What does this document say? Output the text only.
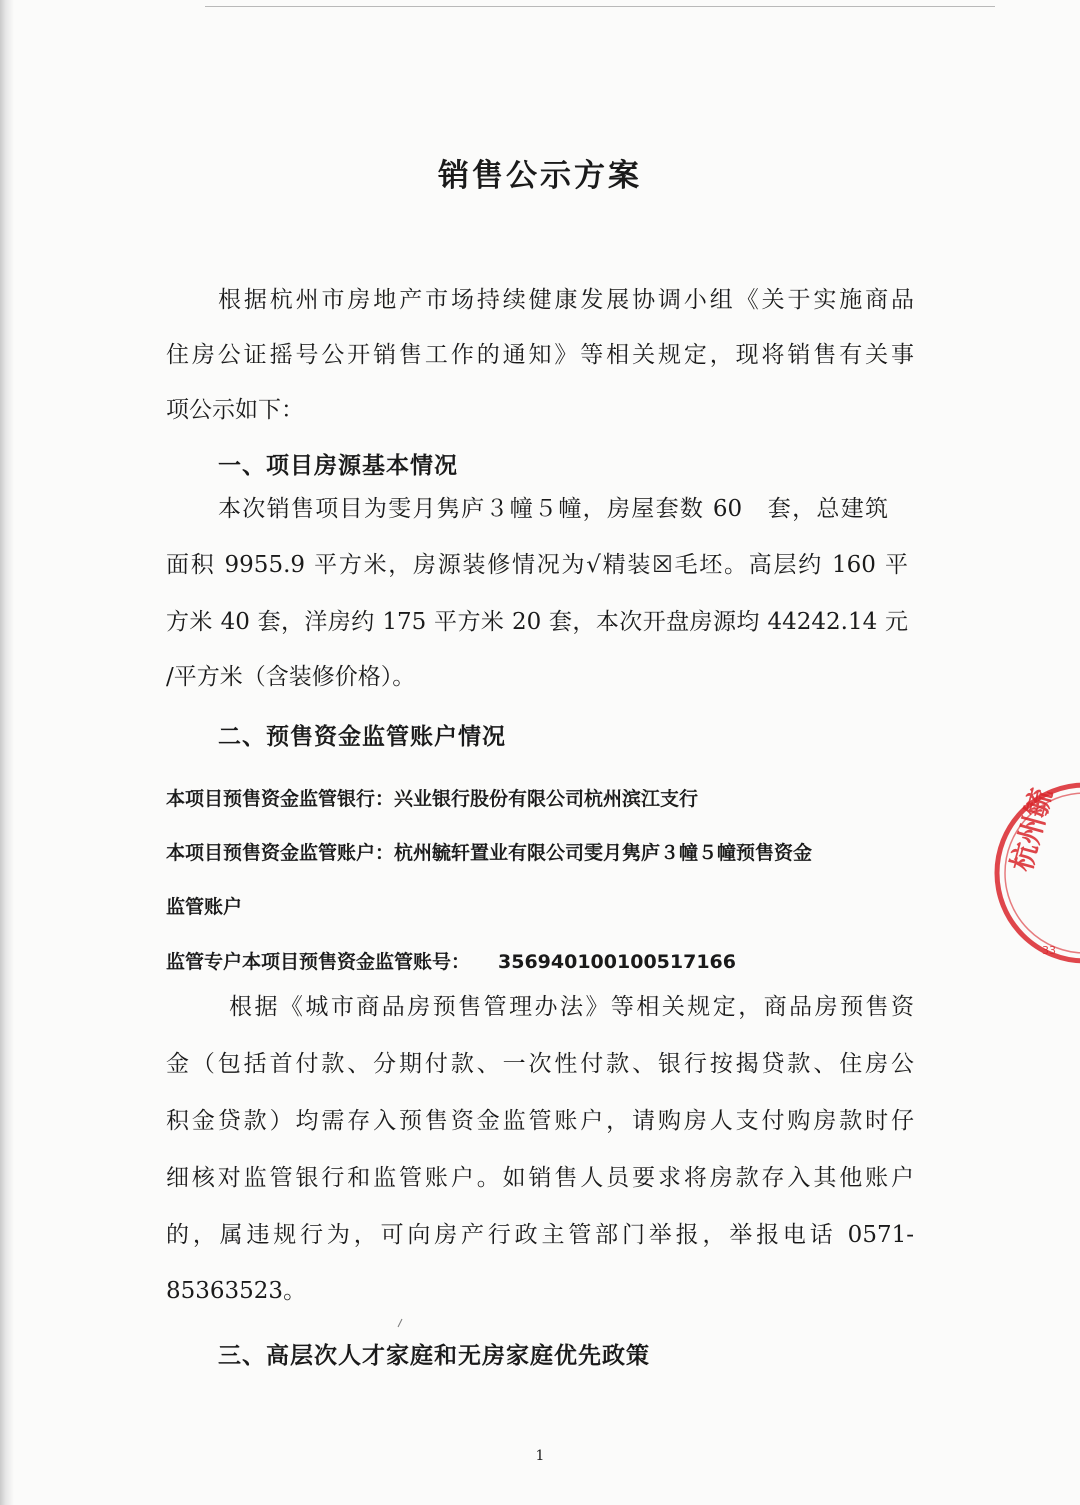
销售公示方案
根据杭州市房地产市场持续健康发展协调小组《关于实施商品
住房公证摇号公开销售工作的通知》等相关规定，现将销售有关事
项公示如下：
一、项目房源基本情况
本次销售项目为雯月隽庐３幢５幢，房屋套数 60　套，总建筑
面积 9955.9 平方米，房源装修情况为√精装☒毛坯。高层约 160 平
方米 40 套，洋房约 175 平方米 20 套，本次开盘房源均 44242.14 元
/平方米（含装修价格）。
二、预售资金监管账户情况
本项目预售资金监管银行：兴业银行股份有限公司杭州滨江支行
本项目预售资金监管账户：杭州毓轩置业有限公司雯月隽庐３幢５幢预售资金
监管账户
监管专户本项目预售资金监管账号： 356940100100517166
根据《城市商品房预售管理办法》等相关规定，商品房预售资
金（包括首付款、分期付款、一次性付款、银行按揭贷款、住房公
积金贷款）均需存入预售资金监管账户，请购房人支付购房款时仔
细核对监管银行和监管账户。如销售人员要求将房款存入其他账户
的，属违规行为，可向房产行政主管部门举报，举报电话 0571-
85363523。
三、高层次人才家庭和无房家庭优先政策
1
杭州毓
33
